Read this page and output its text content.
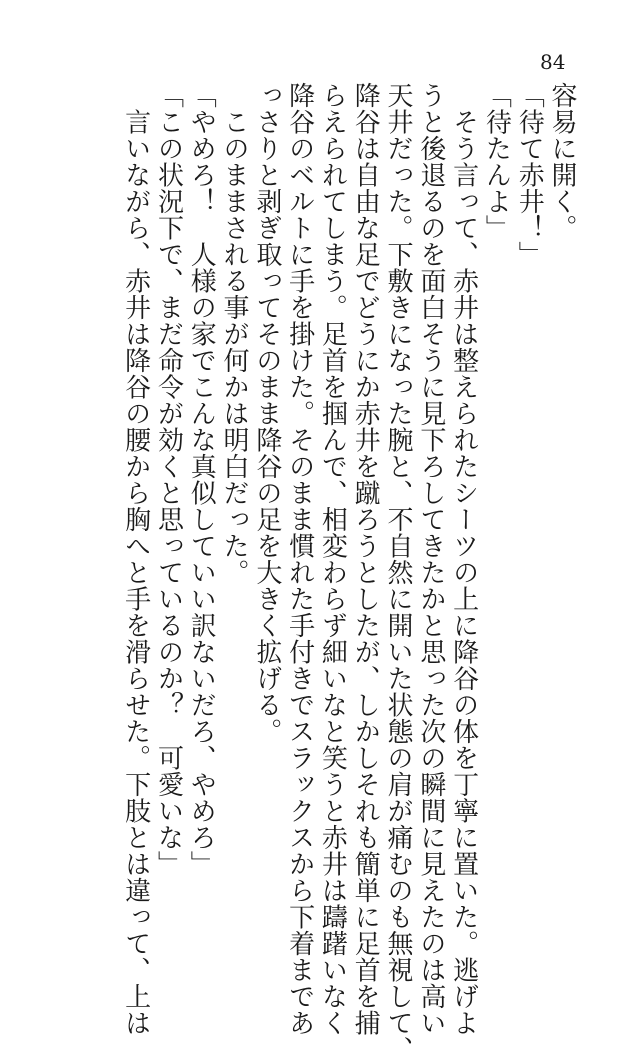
84
容易に開く。
「待て赤井！」
「待たんよ」
　そう言って、赤井は整えられたシーツの上に降谷の体を丁寧に置いた。逃げよ
うと後退るのを面白そうに見下ろしてきたかと思った次の瞬間に見えたのは高い
天井だった。下敷きになった腕と、不自然に開いた状態の肩が痛むのも無視して、
降谷は自由な足でどうにか赤井を蹴ろうとしたが、しかしそれも簡単に足首を捕
らえられてしまう。足首を掴んで、相変わらず細いなと笑うと赤井は躊躇いなく
降谷のベルトに手を掛けた。そのまま慣れた手付きでスラックスから下着まであ
っさりと剥ぎ取ってそのまま降谷の足を大きく拡げる。
　このままされる事が何かは明白だった。
「やめろ！　人様の家でこんな真似していい訳ないだろ、やめろ」
「この状況下で、まだ命令が効くと思っているのか？　可愛いな」
　言いながら、赤井は降谷の腰から胸へと手を滑らせた。下肢とは違って、上は
